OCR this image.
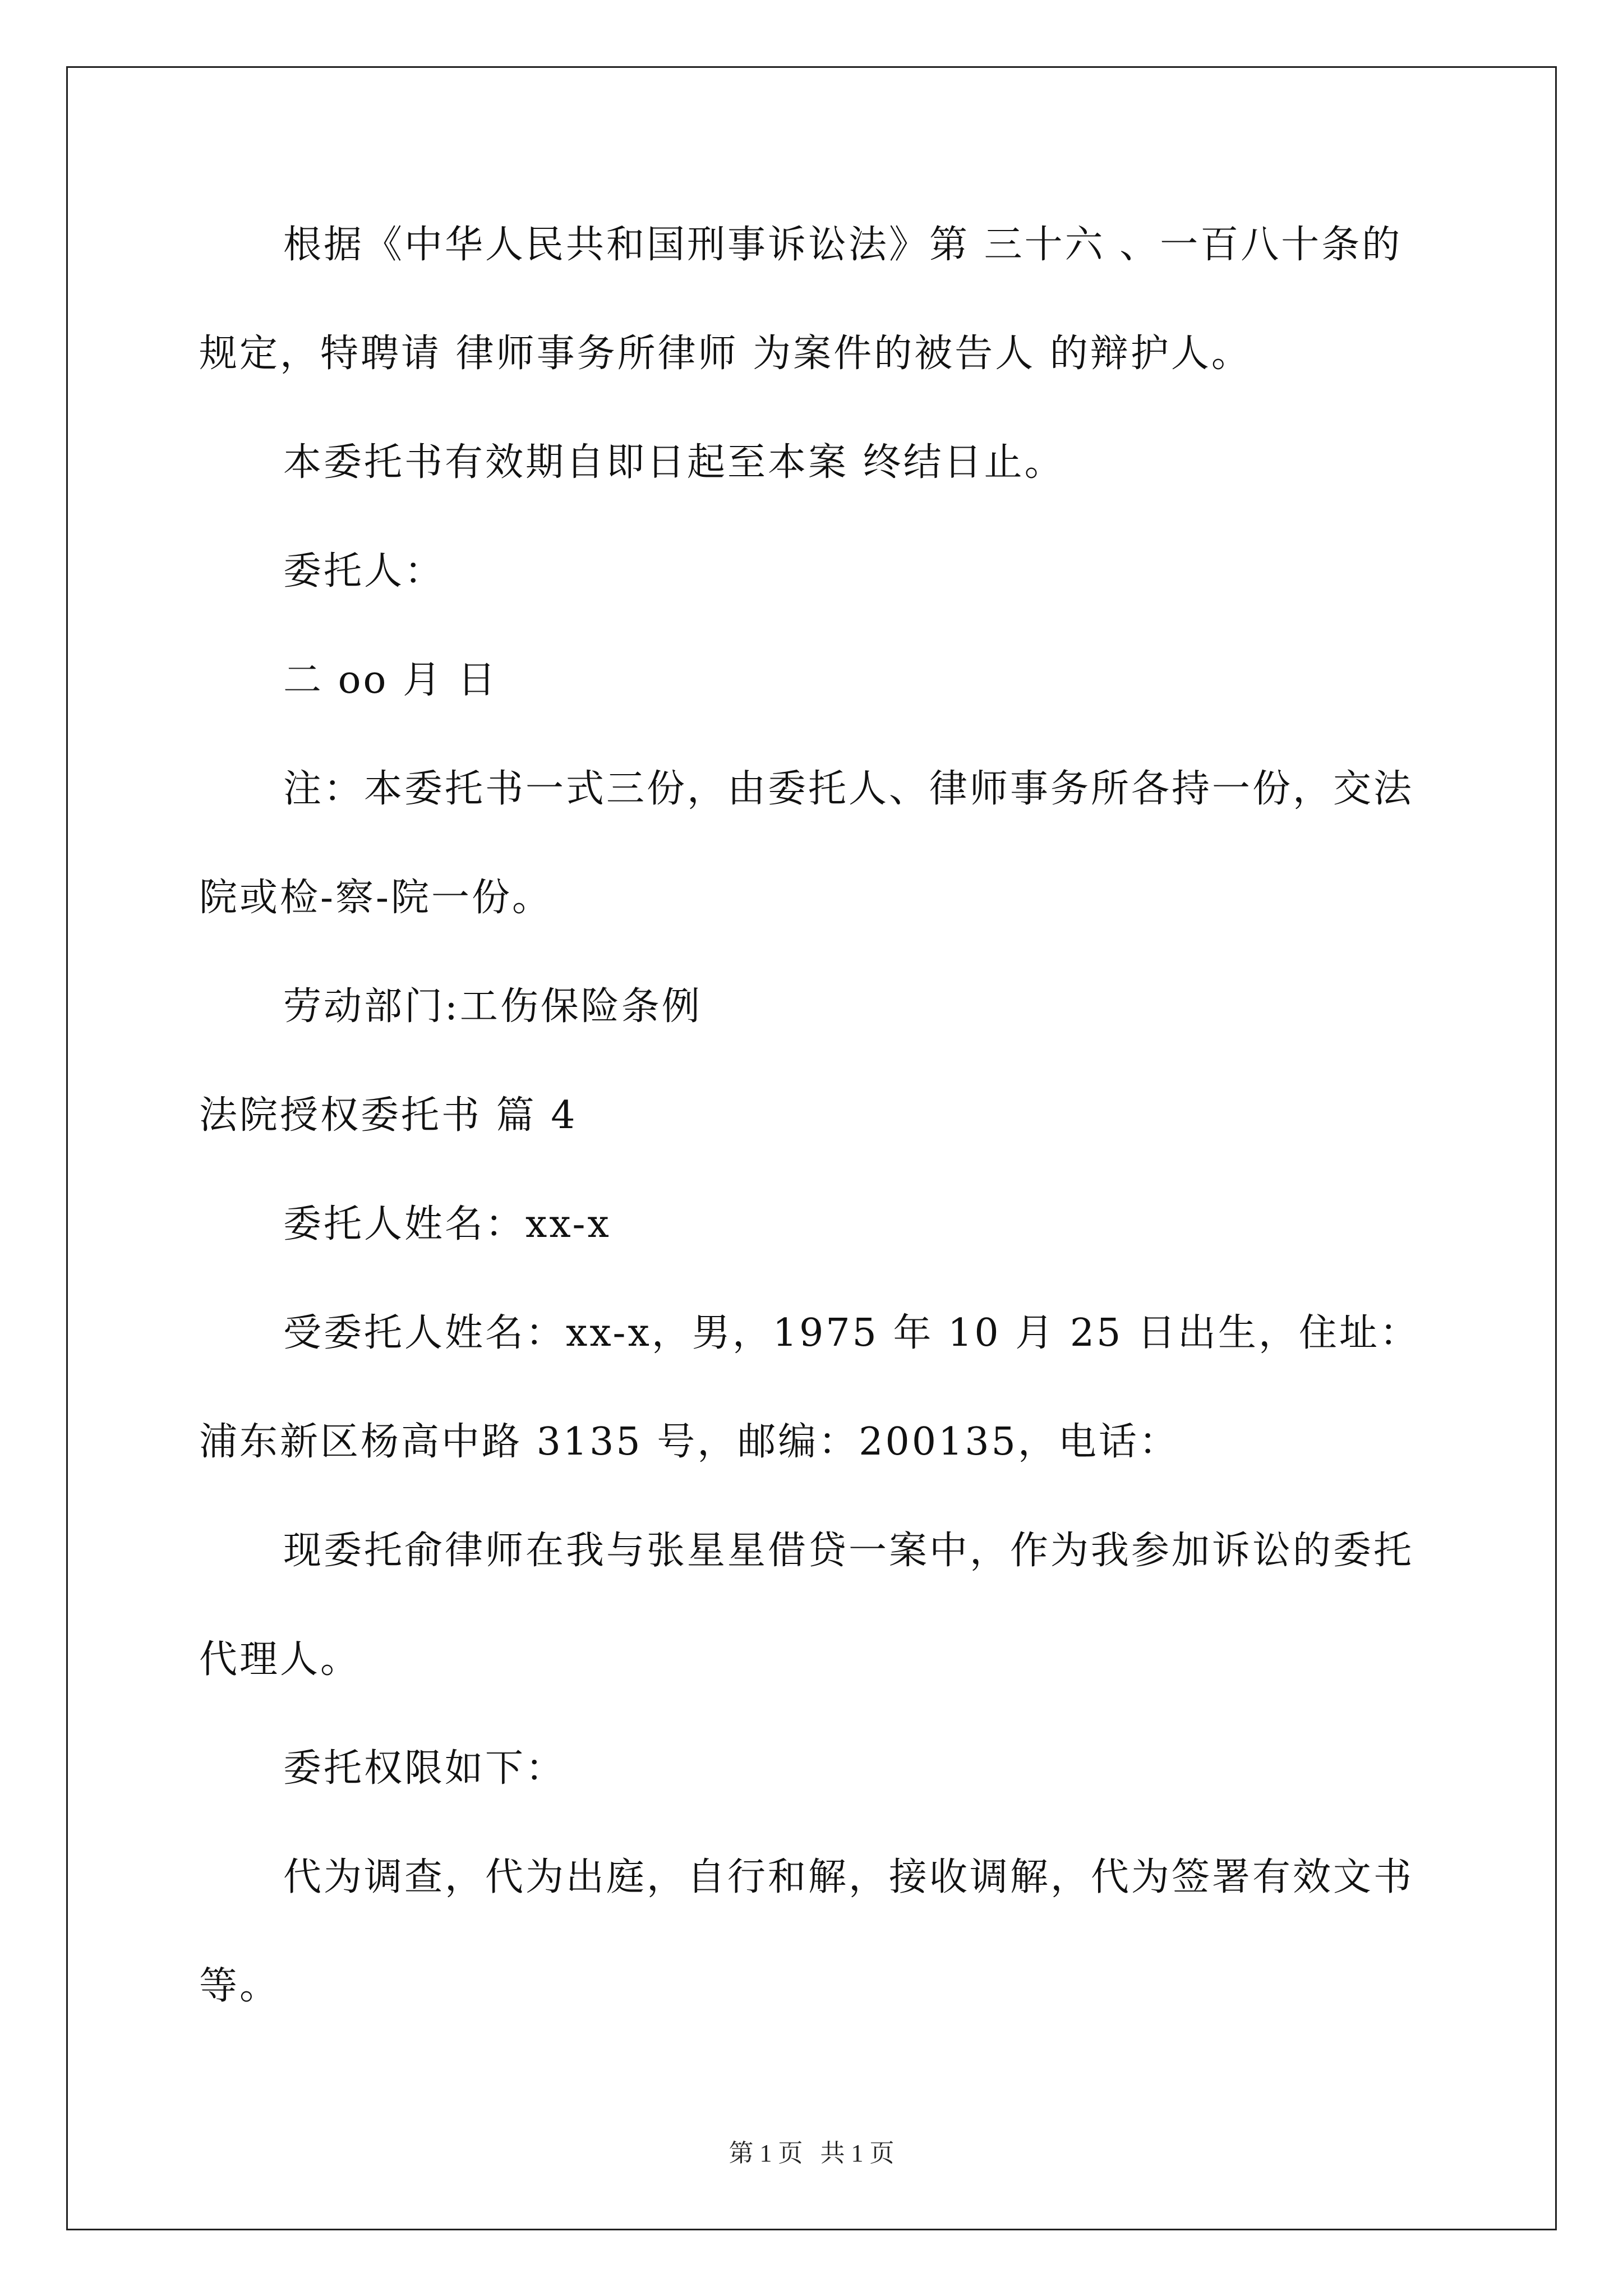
根据《中华人民共和国刑事诉讼法》第 三十六 、一百八十条的规定，特聘请 律师事务所律师 为案件的被告人 的辩护人。

本委托书有效期自即日起至本案 终结日止。

委托人：

二 oo 月 日

注：本委托书一式三份，由委托人、律师事务所各持一份，交法院或检-察-院一份。

劳动部门:工伤保险条例

法院授权委托书 篇 4

委托人姓名：xx-x

受委托人姓名：xx-x，男，1975 年 10 月 25 日出生，住址：浦东新区杨高中路 3135 号，邮编：200135，电话：

现委托俞律师在我与张星星借贷一案中，作为我参加诉讼的委托代理人。

委托权限如下：

代为调查，代为出庭，自行和解，接收调解，代为签署有效文书等。

第 1 页 共 1 页
